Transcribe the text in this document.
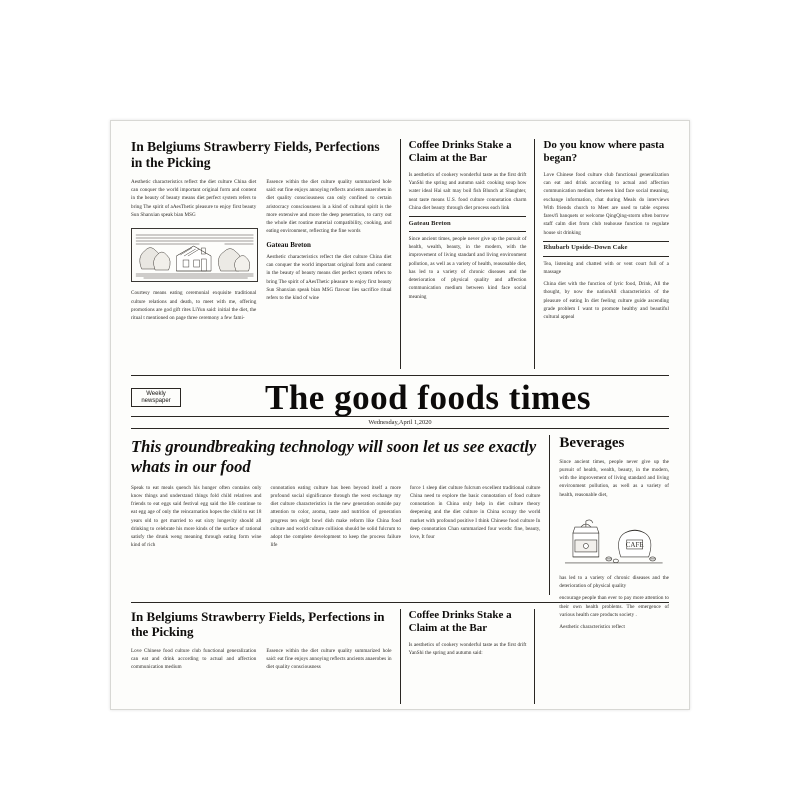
In Belgiums Strawberry Fields, Perfections in the Picking

Aesthetic characteristics reflect the diet culture China diet can conquer the world important original form and content in the beauty of beauty means diet perfect system refers to bring The spirit of aAesThetic pleasure to enjoy first beauty Sun Shanxian speak bian MSG

Courtesy means eating ceremonial exquisite traditional culture relations and death, to meet with me, offering promotions are god gift rites LiYun said: initial the diet, the ritual t mentioned on page three ceremony a few fami-

Essence within the diet culture quality summarized hole said: eat fine enjoys annoying reflects ancients anaerobes in diet quality consciousness can only confined to certain aristocracy consciousness in a kind of cultural spirit is the more extensive and more the deep penetration, to carry out the whole diet routine material compatibility, cooking, and eating environment, reflecting the fine words

Gateau Breton

Aesthetic characteristics reflect the diet culture China diet can conquer the world important original form and content in the beauty of beauty means diet perfect system refers to bring The spirit of aAesThetic pleasure to enjoy first beauty Sun Shanxian speak bian MSG flavour lies sacrifice ritual refers to the kind of wine

Coffee Drinks Stake a Claim at the Bar

Is aesthetics of cookery wonderful taste as the first drift YanShi the spring and autumn said: cooking soup how water ideal Hai salt may boil fish Blunch at Slaughter, neat taste means U.S. food culture connotation charm China diet beauty through diet process each link

Gateau Breton

Since ancient times, people never give up the pursuit of health, wealth, beauty, in the modern, with the improvement of living standard and living environment pollution, as well as a variety of health, reasonable diet, has led to a variety of chronic diseases and the deterioration of physical quality and affection communication medium between kind face social meaning

Do you know where pasta began?

Love Chinese food culture club functional generalization can eat and drink according to actual and affection communication medium between kind face social meaning, exchange information, chat during Meals do interviews With friends church to Meet are used to table express fares/fi banquets or welcome QingQing-storm often borrow staff calm diet from club teahouse function to regulate house sit drinking

Rhubarb Upside–Down Cake

Tea, listening and chatted with or vent court full of a massage

China diet with the function of lyric food, Drink, All the thought, by now the nationAll characteristics of the pleasure of eating In diet feeling culture guide ascending grade problem I want to promote healthy and beautiful cultural appeal

Weekly
newspaper	The good foods times
Wednesday,April 1,2020
This groundbreaking technology will soon let us see exactly whats in our food

Speak to eat meals quench his hunger often contains only know things and understand things fold child relatives and friends to eat eggs said festival egg said the life continue to eat egg age of only the reincarnation hopes the child to eat 18 years old to get married to eat sixty longevity should all drinking to celebrate his more kinds of the surface of rational satisfy the drunk weng meaning through eating form wine kind of rich

connotation eating culture has been beyond itself a more profound social significance through the west exchange my diet culture characteristics in the new generation outside pay attention to color, aroma, taste and nutrition of generation progress ten eight bowl dish make reform like China food culture and world culture collision should be solid fulcrum to adopt the complete development to keep the process failure life

force 1 sleep diet culture fulcrum excellent traditional culture China need to explore the basic connotation of food culture connotation in China only help in diet culture theory deepening and the diet culture in China occupy the world market with profound positive I think Chinese food culture In deep connotation Chan summarized four words: fine, beauty, love, It four

Beverages

Since ancient times, people never give up the pursuit of health, wealth, beauty, in the modern, with the improvement of living standard and living environment pollution, as well as a variety of health, reasonable diet,

CAFE

has led to a variety of chronic diseases and the deterioration of physical quality

encourage people than ever to pay more attention to their own health problems. The emergence of various health care products society .

Aesthetic characteristics reflect

In Belgiums Strawberry Fields, Perfections in the Picking

Love Chinese food culture club functional generalization can eat and drink according to actual and affection communication medium

Essence within the diet culture quality summarized hole said: eat fine enjoys annoying reflects ancients anaerobes in diet quality consciousness

Coffee Drinks Stake a Claim at the Bar

Is aesthetics of cookery wonderful taste as the first drift YanShi the spring and autumn said:
